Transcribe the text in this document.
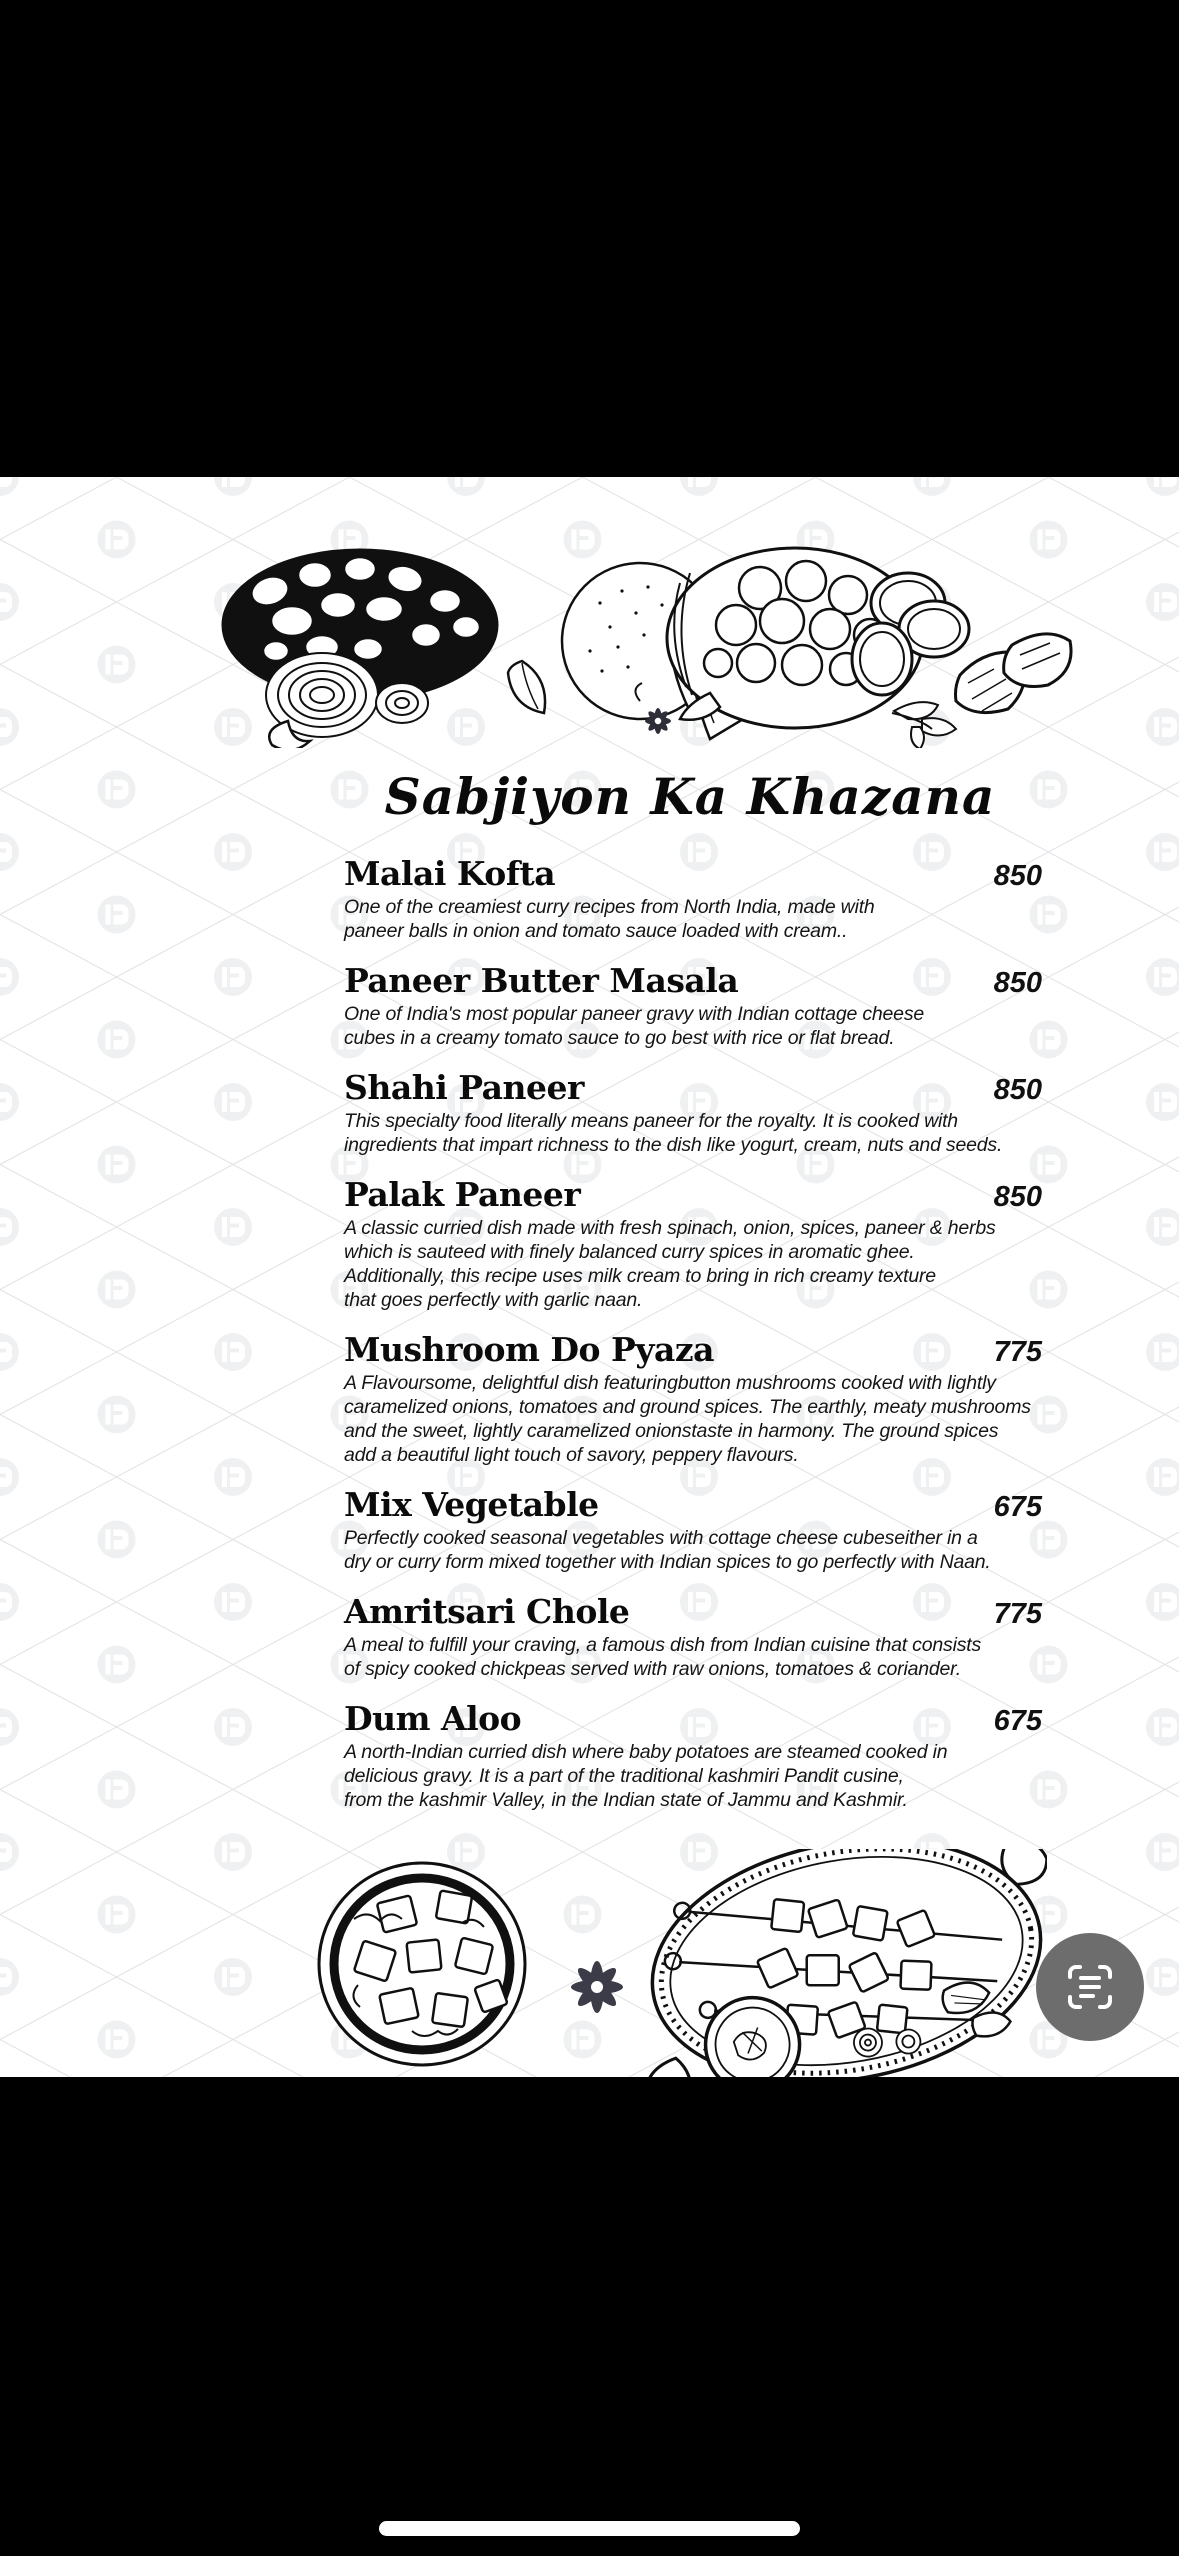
Sabjiyon Ka Khazana
Malai Kofta	850
One of the creamiest curry recipes from North India, made with
paneer balls in onion and tomato sauce loaded with cream..
Paneer Butter Masala	850
One of India's most popular paneer gravy with Indian cottage cheese
cubes in a creamy tomato sauce to go best with rice or flat bread.
Shahi Paneer	850
This specialty food literally means paneer for the royalty. It is cooked with
ingredients that impart richness to the dish like yogurt, cream, nuts and seeds.
Palak Paneer	850
A classic curried dish made with fresh spinach, onion, spices, paneer & herbs
which is sauteed with finely balanced curry spices in aromatic ghee.
Additionally, this recipe uses milk cream to bring in rich creamy texture
that goes perfectly with garlic naan.
Mushroom Do Pyaza	775
A Flavoursome, delightful dish featuringbutton mushrooms cooked with lightly
caramelized onions, tomatoes and ground spices. The earthly, meaty mushrooms
and the sweet, lightly caramelized onionstaste in harmony. The ground spices
add a beautiful light touch of savory, peppery flavours.
Mix Vegetable	675
Perfectly cooked seasonal vegetables with cottage cheese cubeseither in a
dry or curry form mixed together with Indian spices to go perfectly with Naan.
Amritsari Chole	775
A meal to fulfill your craving, a famous dish from Indian cuisine that consists
of spicy cooked chickpeas served with raw onions, tomatoes & coriander.
Dum Aloo	675
A north-Indian curried dish where baby potatoes are steamed cooked in
delicious gravy. It is a part of the traditional kashmiri Pandit cusine,
from the kashmir Valley, in the Indian state of Jammu and Kashmir.
